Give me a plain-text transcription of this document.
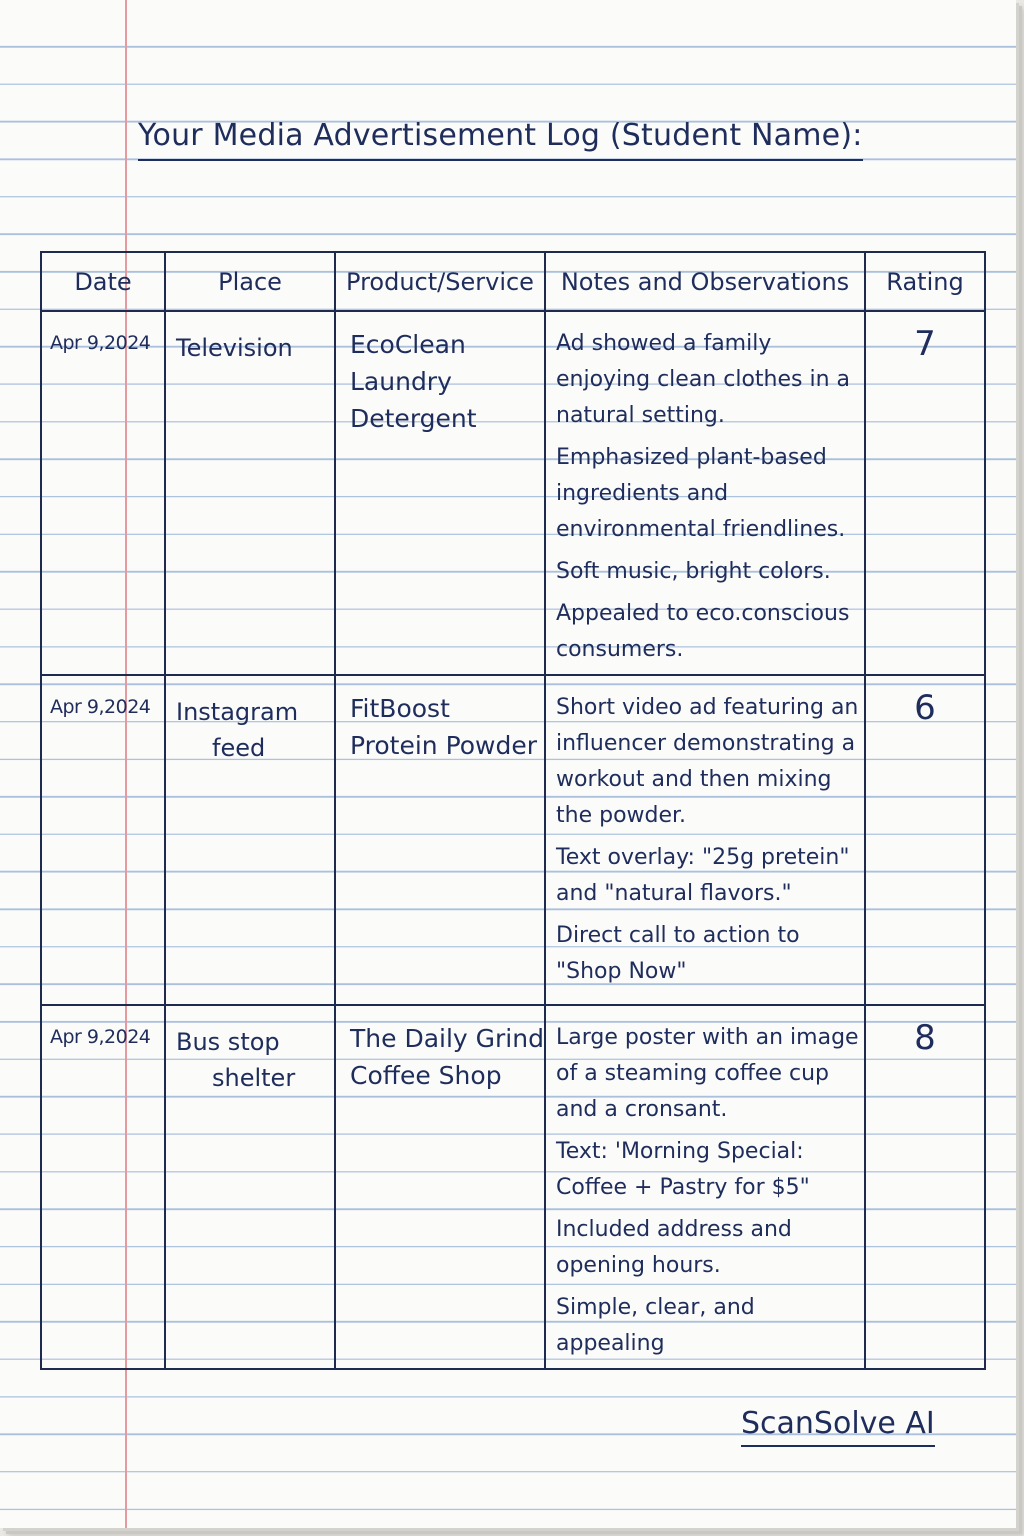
Your Media Advertisement Log (Student Name):
Date	Place	Product/Service	Notes and Observations	Rating
Apr 9,2024	Television	EcoClean
Laundry
Detergent	Ad showed a family enjoying clean clothes in a natural setting.
Emphasized plant-based ingredients and environmental friendlines.
Soft music, bright colors.
Appealed to eco.conscious consumers.	7
Apr 9,2024	Instagram
feed	FitBoost
Protein Powder	Short video ad featuring an influencer demonstrating a workout and then mixing the powder.
Text overlay: "25g pretein" and "natural flavors."
Direct call to action to "Shop Now"	6
Apr 9,2024	Bus stop
shelter	The Daily Grind
Coffee Shop	Large poster with an image of a steaming coffee cup and a cronsant.
Text: 'Morning Special: Coffee + Pastry for $5"
Included address and opening hours.
Simple, clear, and appealing	8
ScanSolve AI
